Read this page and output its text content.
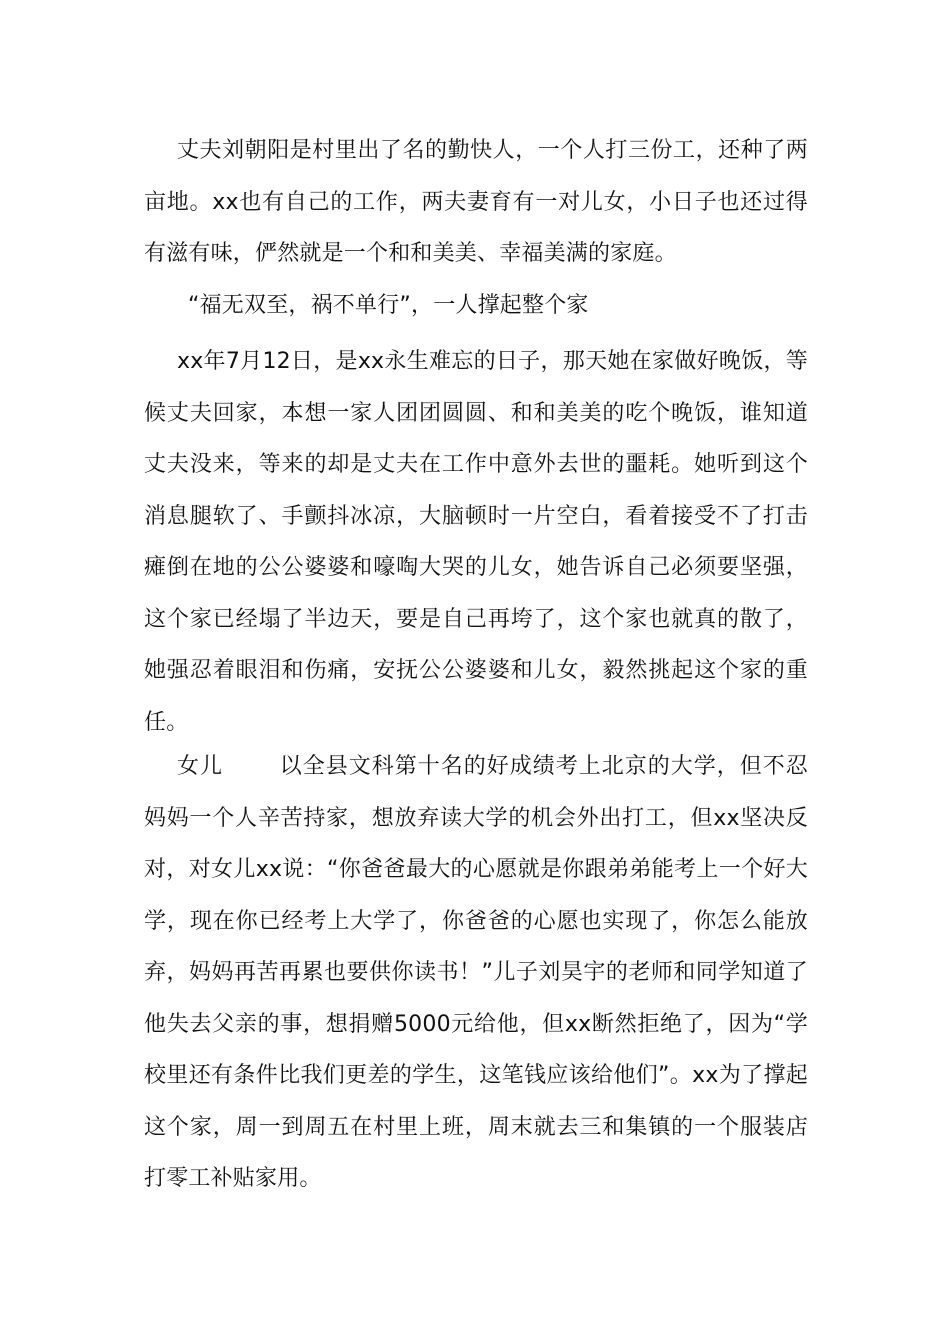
丈夫刘朝阳是村里出了名的勤快人，一个人打三份工，还种了两亩地。xx也有自己的工作，两夫妻育有一对儿女，小日子也还过得有滋有味，俨然就是一个和和美美、幸福美满的家庭。

“福无双至，祸不单行”，一人撑起整个家

xx年7月12日，是xx永生难忘的日子，那天她在家做好晚饭，等候丈夫回家，本想一家人团团圆圆、和和美美的吃个晚饭，谁知道丈夫没来，等来的却是丈夫在工作中意外去世的噩耗。她听到这个消息腿软了、手颤抖冰凉，大脑顿时一片空白，看着接受不了打击瘫倒在地的公公婆婆和嚎啕大哭的儿女，她告诉自己必须要坚强，这个家已经塌了半边天，要是自己再垮了，这个家也就真的散了，她强忍着眼泪和伤痛，安抚公公婆婆和儿女，毅然挑起这个家的重任。

女儿	以全县文科第十名的好成绩考上北京的大学，但不忍妈妈一个人辛苦持家，想放弃读大学的机会外出打工，但xx坚决反对，对女儿xx说：“你爸爸最大的心愿就是你跟弟弟能考上一个好大学，现在你已经考上大学了，你爸爸的心愿也实现了，你怎么能放弃，妈妈再苦再累也要供你读书！”儿子刘昊宇的老师和同学知道了他失去父亲的事，想捐赠5000元给他，但xx断然拒绝了，因为“学校里还有条件比我们更差的学生，这笔钱应该给他们”。xx为了撑起这个家，周一到周五在村里上班，周末就去三和集镇的一个服装店打零工补贴家用。
